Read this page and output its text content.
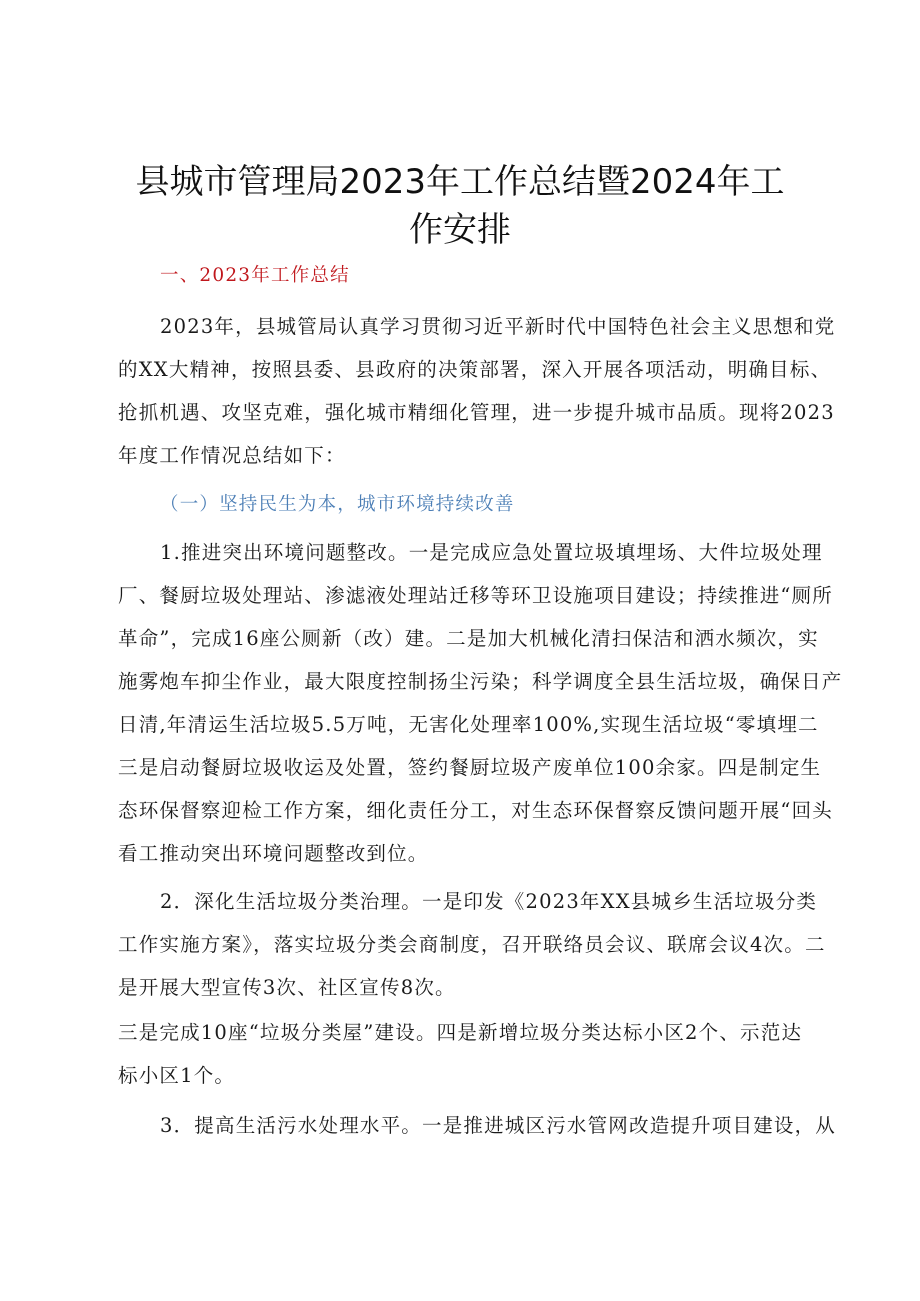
县城市管理局2023年工作总结暨2024年工
作安排
一、2023年工作总结
2023年，县城管局认真学习贯彻习近平新时代中国特色社会主义思想和党
的XX大精神，按照县委、县政府的决策部署，深入开展各项活动，明确目标、
抢抓机遇、攻坚克难，强化城市精细化管理，进一步提升城市品质。现将2023
年度工作情况总结如下：
（一）坚持民生为本，城市环境持续改善
1.推进突出环境问题整改。一是完成应急处置垃圾填埋场、大件垃圾处理
厂、餐厨垃圾处理站、渗滤液处理站迁移等环卫设施项目建设；持续推进“厕所
革命”，完成16座公厕新（改）建。二是加大机械化清扫保洁和洒水频次，实
施雾炮车抑尘作业，最大限度控制扬尘污染；科学调度全县生活垃圾，确保日产
日清,年清运生活垃圾5.5万吨，无害化处理率100%,实现生活垃圾“零填埋二
三是启动餐厨垃圾收运及处置，签约餐厨垃圾产废单位100余家。四是制定生
态环保督察迎检工作方案，细化责任分工，对生态环保督察反馈问题开展“回头
看工推动突出环境问题整改到位。
2．深化生活垃圾分类治理。一是印发《2023年XX县城乡生活垃圾分类
工作实施方案》，落实垃圾分类会商制度，召开联络员会议、联席会议4次。二
是开展大型宣传3次、社区宣传8次。
三是完成10座“垃圾分类屋”建设。四是新增垃圾分类达标小区2个、示范达
标小区1个。
3．提高生活污水处理水平。一是推进城区污水管网改造提升项目建设，从
